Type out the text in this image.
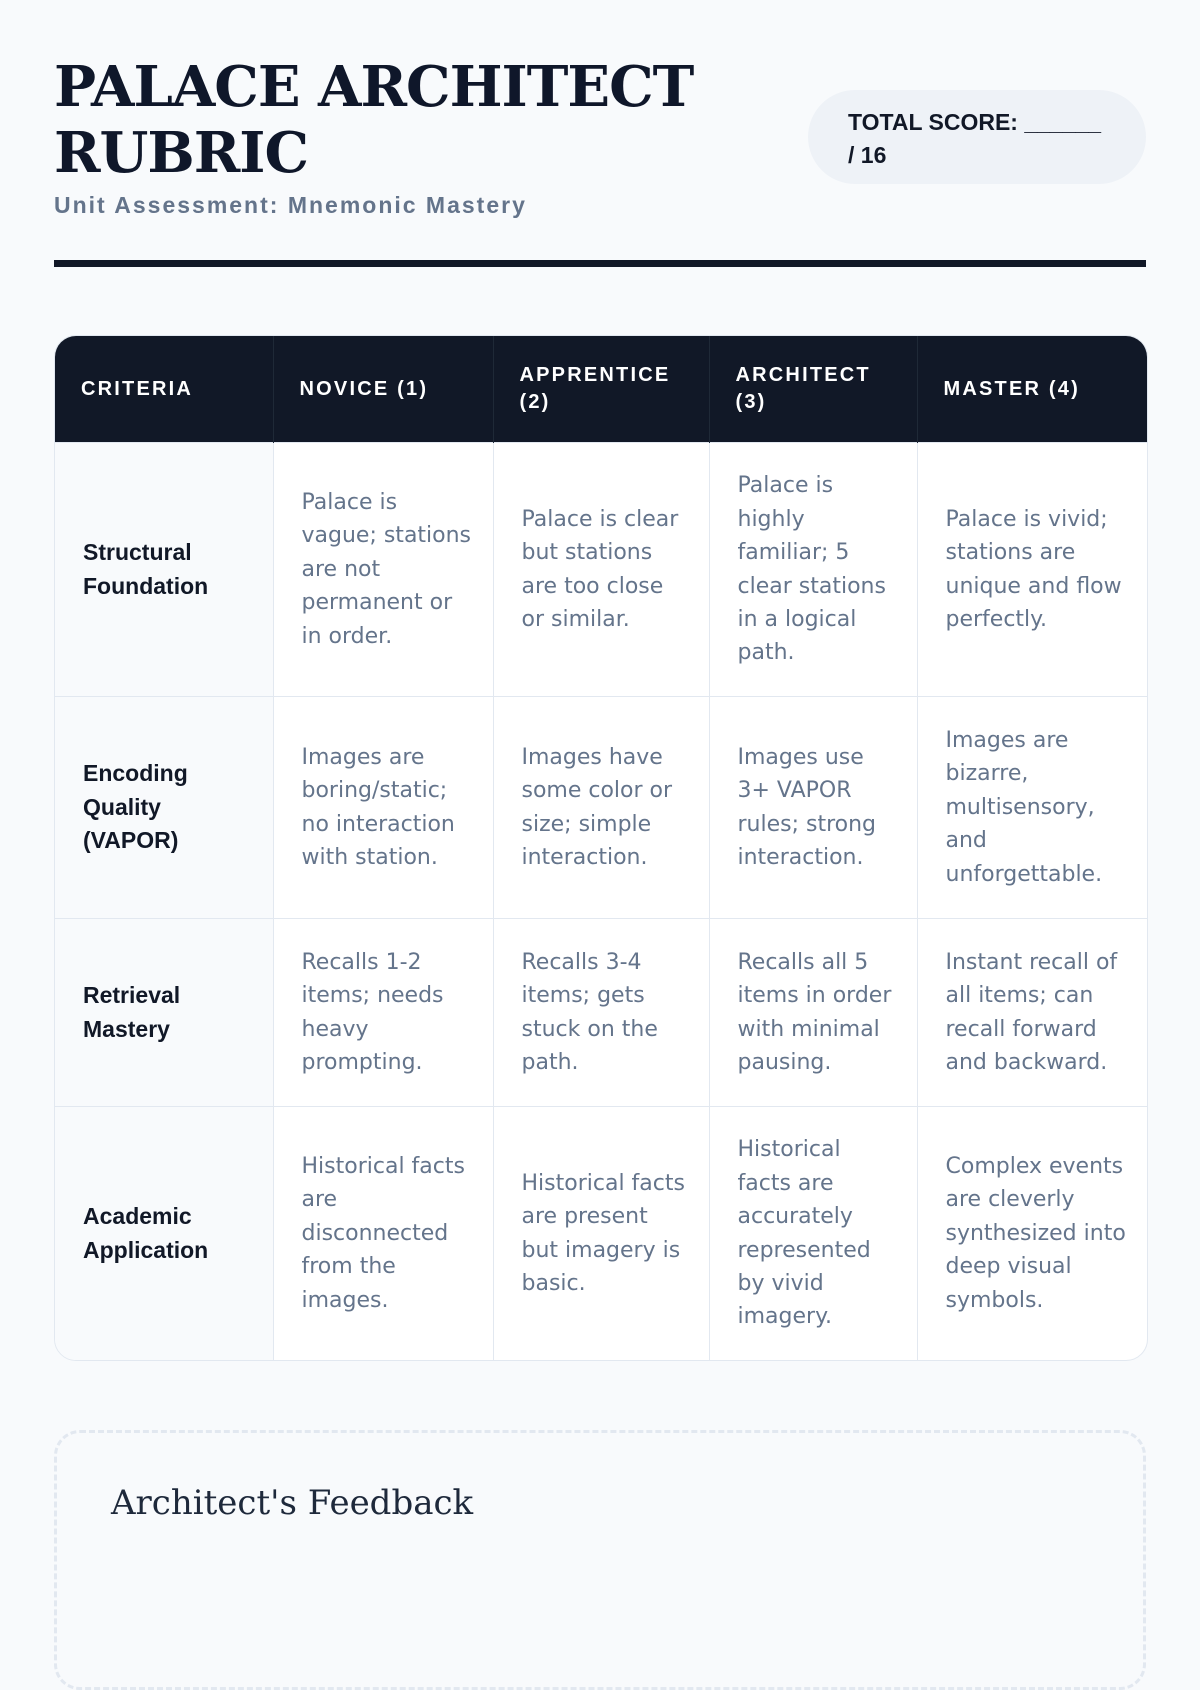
PALACE ARCHITECT RUBRIC
Unit Assessment: Mnemonic Mastery
TOTAL SCORE: ______ / 16
CRITERIA	NOVICE (1)	APPRENTICE (2)	ARCHITECT (3)	MASTER (4)
Structural Foundation	Palace is vague; stations are not permanent or in order.	Palace is clear but stations are too close or similar.	Palace is highly familiar; 5 clear stations in a logical path.	Palace is vivid; stations are unique and flow perfectly.
Encoding Quality (VAPOR)	Images are boring/static; no interaction with station.	Images have some color or size; simple interaction.	Images use 3+ VAPOR rules; strong interaction.	Images are bizarre, multisensory, and unforgettable.
Retrieval Mastery	Recalls 1-2 items; needs heavy prompting.	Recalls 3-4 items; gets stuck on the path.	Recalls all 5 items in order with minimal pausing.	Instant recall of all items; can recall forward and backward.
Academic Application	Historical facts are disconnected from the images.	Historical facts are present but imagery is basic.	Historical facts are accurately represented by vivid imagery.	Complex events are cleverly synthesized into deep visual symbols.
Architect's Feedback
